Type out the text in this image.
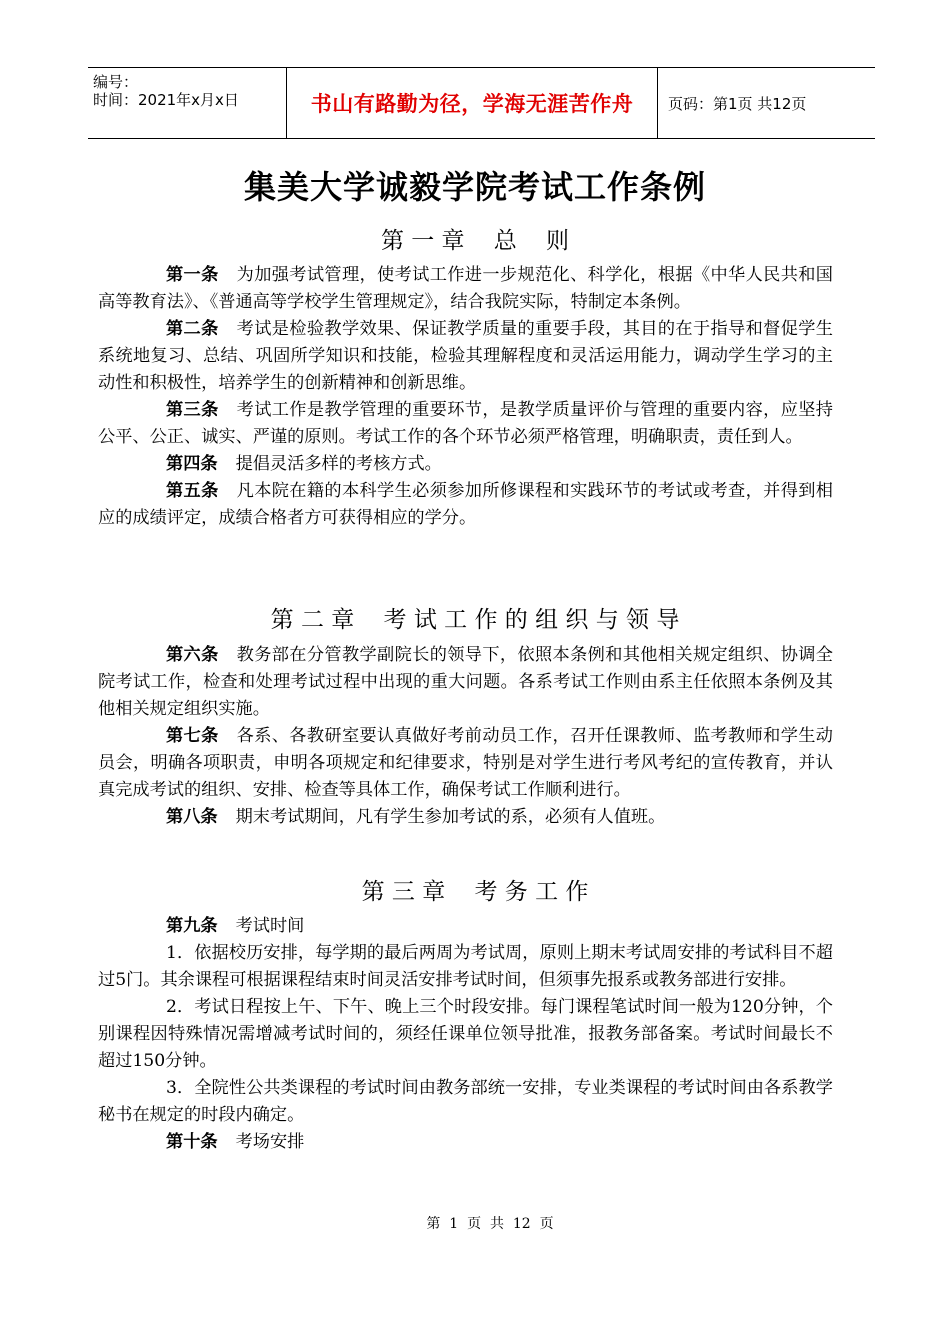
编号：
时间：2021年x月x日	书山有路勤为径，学海无涯苦作舟	页码：第1页 共12页
集美大学诚毅学院考试工作条例
第 一 章    总    则

第一条 为加强考试管理，使考试工作进一步规范化、科学化，根据《中华人民共和国高等教育法》、《普通高等学校学生管理规定》，结合我院实际，特制定本条例。

第二条 考试是检验教学效果、保证教学质量的重要手段，其目的在于指导和督促学生系统地复习、总结、巩固所学知识和技能，检验其理解程度和灵活运用能力，调动学生学习的主动性和积极性，培养学生的创新精神和创新思维。

第三条 考试工作是教学管理的重要环节，是教学质量评价与管理的重要内容，应坚持公平、公正、诚实、严谨的原则。考试工作的各个环节必须严格管理，明确职责，责任到人。

第四条 提倡灵活多样的考核方式。

第五条 凡本院在籍的本科学生必须参加所修课程和实践环节的考试或考查，并得到相应的成绩评定，成绩合格者方可获得相应的学分。

第 二 章    考 试 工 作 的 组 织 与 领 导

第六条 教务部在分管教学副院长的领导下，依照本条例和其他相关规定组织、协调全院考试工作，检查和处理考试过程中出现的重大问题。各系考试工作则由系主任依照本条例及其他相关规定组织实施。

第七条 各系、各教研室要认真做好考前动员工作，召开任课教师、监考教师和学生动员会，明确各项职责，申明各项规定和纪律要求，特别是对学生进行考风考纪的宣传教育，并认真完成考试的组织、安排、检查等具体工作，确保考试工作顺利进行。

第八条 期末考试期间，凡有学生参加考试的系，必须有人值班。

第 三 章    考 务 工 作

第九条 考试时间

1．依据校历安排，每学期的最后两周为考试周，原则上期末考试周安排的考试科目不超过5门。其余课程可根据课程结束时间灵活安排考试时间，但须事先报系或教务部进行安排。

2．考试日程按上午、下午、晚上三个时段安排。每门课程笔试时间一般为120分钟，个别课程因特殊情况需增减考试时间的，须经任课单位领导批准，报教务部备案。考试时间最长不超过150分钟。

3．全院性公共类课程的考试时间由教务部统一安排，专业类课程的考试时间由各系教学秘书在规定的时段内确定。

第十条 考场安排

第  1  页  共  12  页
